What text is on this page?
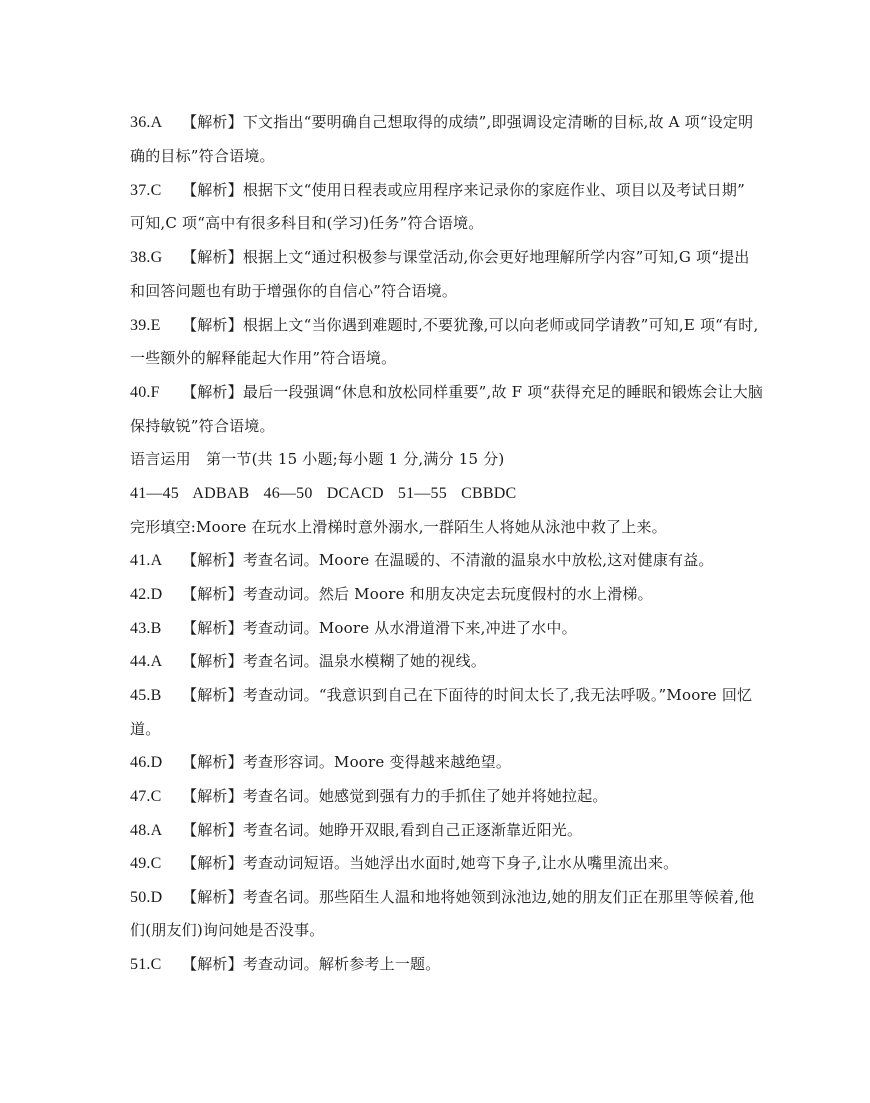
36.A 【解析】下文指出“要明确自己想取得的成绩”,即强调设定清晰的目标,故 A 项“设定明
确的目标”符合语境。
37.C 【解析】根据下文“使用日程表或应用程序来记录你的家庭作业、项目以及考试日期”
可知,C 项“高中有很多科目和(学习)任务”符合语境。
38.G 【解析】根据上文“通过积极参与课堂活动,你会更好地理解所学内容”可知,G 项“提出
和回答问题也有助于增强你的自信心”符合语境。
39.E 【解析】根据上文“当你遇到难题时,不要犹豫,可以向老师或同学请教”可知,E 项“有时,
一些额外的解释能起大作用”符合语境。
40.F 【解析】最后一段强调“休息和放松同样重要”,故 F 项“获得充足的睡眠和锻炼会让大脑
保持敏锐”符合语境。
语言运用　第一节(共 15 小题;每小题 1 分,满分 15 分)
41—45 ADBAB 46—50 DCACD 51—55 CBBDC
完形填空:Moore 在玩水上滑梯时意外溺水,一群陌生人将她从泳池中救了上来。
41.A 【解析】考查名词。Moore 在温暖的、不清澈的温泉水中放松,这对健康有益。
42.D 【解析】考查动词。然后 Moore 和朋友决定去玩度假村的水上滑梯。
43.B 【解析】考查动词。Moore 从水滑道滑下来,冲进了水中。
44.A 【解析】考查名词。温泉水模糊了她的视线。
45.B 【解析】考查动词。“我意识到自己在下面待的时间太长了,我无法呼吸。”Moore 回忆
道。
46.D 【解析】考查形容词。Moore 变得越来越绝望。
47.C 【解析】考查名词。她感觉到强有力的手抓住了她并将她拉起。
48.A 【解析】考查名词。她睁开双眼,看到自己正逐渐靠近阳光。
49.C 【解析】考查动词短语。当她浮出水面时,她弯下身子,让水从嘴里流出来。
50.D 【解析】考查名词。那些陌生人温和地将她领到泳池边,她的朋友们正在那里等候着,他
们(朋友们)询问她是否没事。
51.C 【解析】考查动词。解析参考上一题。
